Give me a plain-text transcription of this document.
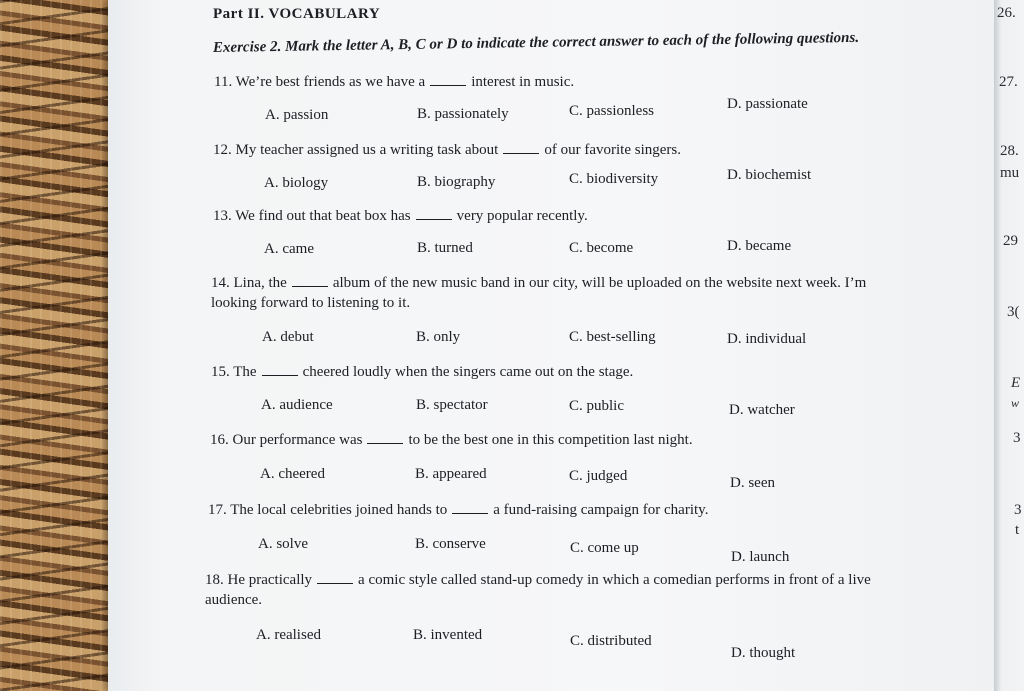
Part II. VOCABULARY
Exercise 2. Mark the letter A, B, C or D to indicate the correct answer to each of the following questions.
11. We’re best friends as we have a	interest in music.
A. passion	B. passionately	C. passionless	D. passionate
12. My teacher assigned us a writing task about	of our favorite singers.
A. biology	B. biography	C. biodiversity	D. biochemist
13. We find out that beat box has	very popular recently.
A. came	B. turned	C. become	D. became
14. Lina, the	album of the new music band in our city, will be uploaded on the website next week. I’m
looking forward to listening to it.
A. debut	B. only	C. best-selling	D. individual
15. The	cheered loudly when the singers came out on the stage.
A. audience	B. spectator	C. public	D. watcher
16. Our performance was	to be the best one in this competition last night.
A. cheered	B. appeared	C. judged	D. seen
17. The local celebrities joined hands to	a fund-raising campaign for charity.
A. solve	B. conserve	C. come up
D. launch
18. He practically	a comic style called stand-up comedy in which a comedian performs in front of a live
audience.
A. realised	B. invented	C. distributed
D. thought
26.
27.
28.
mu
29
3(
E
w
3
3
t
